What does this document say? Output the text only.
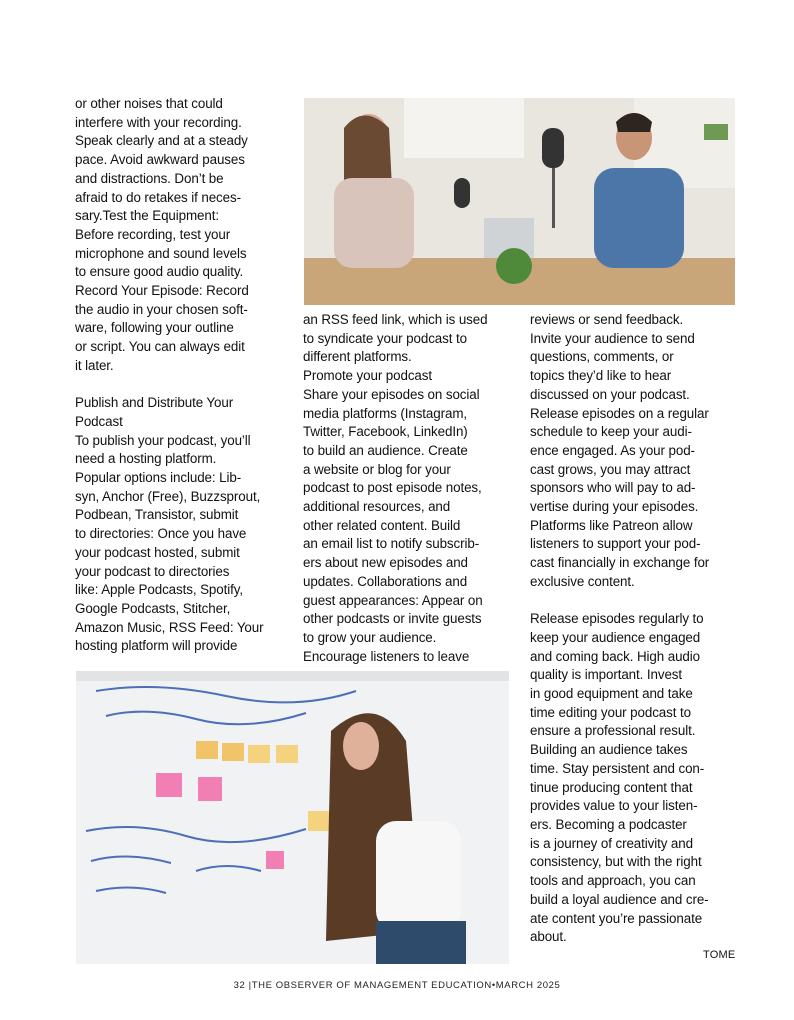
or other noises that could
interfere with your recording.
Speak clearly and at a steady
pace. Avoid awkward pauses
and distractions. Don’t be
afraid to do retakes if neces-
sary.Test the Equipment:
Before recording, test your
microphone and sound levels
to ensure good audio quality.
Record Your Episode: Record
the audio in your chosen soft-
ware, following your outline
or script. You can always edit
it later.

Publish and Distribute Your
Podcast
To publish your podcast, you’ll
need a hosting platform.
Popular options include: Lib-
syn, Anchor (Free), Buzzsprout,
Podbean, Transistor, submit
to directories: Once you have
your podcast hosted, submit
your podcast to directories
like: Apple Podcasts, Spotify,
Google Podcasts, Stitcher,
Amazon Music, RSS Feed: Your
hosting platform will provide
an RSS feed link, which is used
to syndicate your podcast to
different platforms.
Promote your podcast
Share your episodes on social
media platforms (Instagram,
Twitter, Facebook, LinkedIn)
to build an audience. Create
a website or blog for your
podcast to post episode notes,
additional resources, and
other related content. Build
an email list to notify subscrib-
ers about new episodes and
updates. Collaborations and
guest appearances: Appear on
other podcasts or invite guests
to grow your audience.
Encourage listeners to leave
reviews or send feedback.
Invite your audience to send
questions, comments, or
topics they’d like to hear
discussed on your podcast.
Release episodes on a regular
schedule to keep your audi-
ence engaged. As your pod-
cast grows, you may attract
sponsors who will pay to ad-
vertise during your episodes.
Platforms like Patreon allow
listeners to support your pod-
cast financially in exchange for
exclusive content.

Release episodes regularly to
keep your audience engaged
and coming back. High audio
quality is important. Invest
in good equipment and take
time editing your podcast to
ensure a professional result.
Building an audience takes
time. Stay persistent and con-
tinue producing content that
provides value to your listen-
ers. Becoming a podcaster
is a journey of creativity and
consistency, but with the right
tools and approach, you can
build a loyal audience and cre-
ate content you’re passionate
about.
TOME
32 |THE OBSERVER OF MANAGEMENT EDUCATION•MARCH 2025
